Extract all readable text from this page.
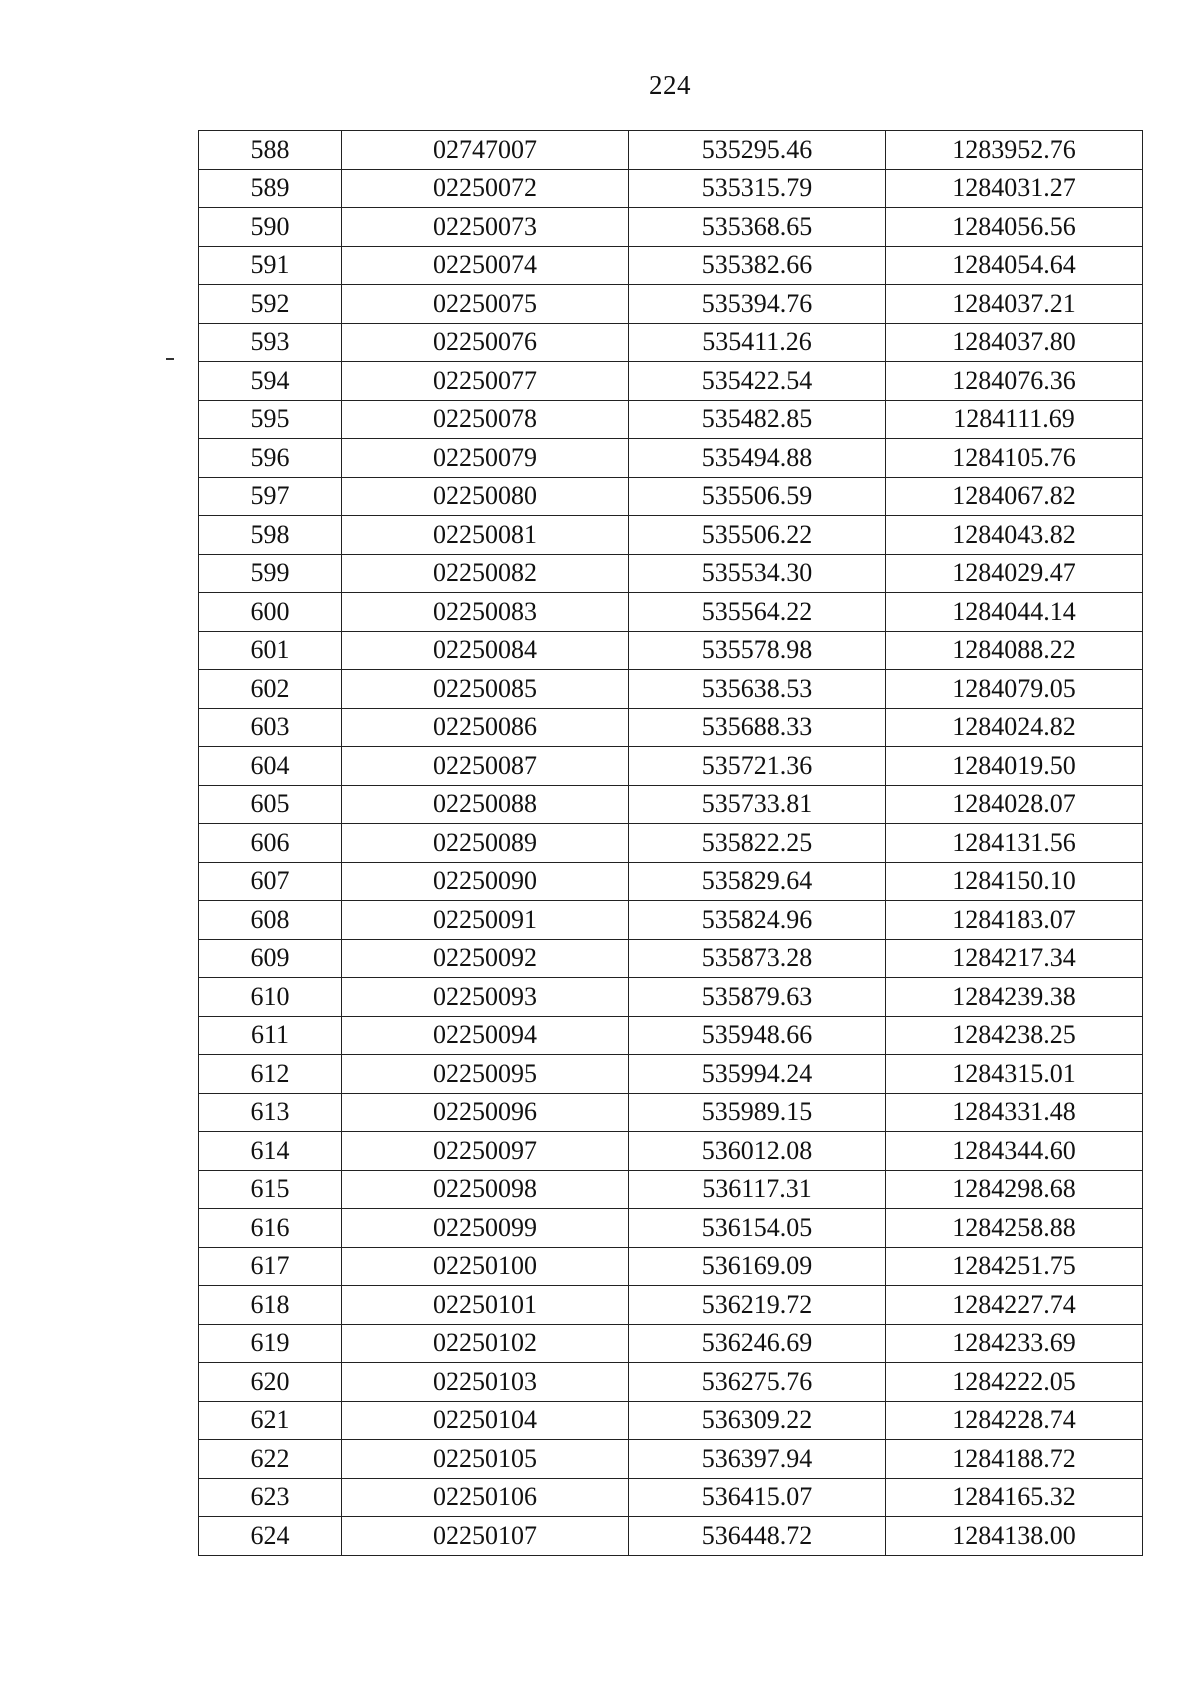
224
588	02747007	535295.46	1283952.76
589	02250072	535315.79	1284031.27
590	02250073	535368.65	1284056.56
591	02250074	535382.66	1284054.64
592	02250075	535394.76	1284037.21
593	02250076	535411.26	1284037.80
594	02250077	535422.54	1284076.36
595	02250078	535482.85	1284111.69
596	02250079	535494.88	1284105.76
597	02250080	535506.59	1284067.82
598	02250081	535506.22	1284043.82
599	02250082	535534.30	1284029.47
600	02250083	535564.22	1284044.14
601	02250084	535578.98	1284088.22
602	02250085	535638.53	1284079.05
603	02250086	535688.33	1284024.82
604	02250087	535721.36	1284019.50
605	02250088	535733.81	1284028.07
606	02250089	535822.25	1284131.56
607	02250090	535829.64	1284150.10
608	02250091	535824.96	1284183.07
609	02250092	535873.28	1284217.34
610	02250093	535879.63	1284239.38
611	02250094	535948.66	1284238.25
612	02250095	535994.24	1284315.01
613	02250096	535989.15	1284331.48
614	02250097	536012.08	1284344.60
615	02250098	536117.31	1284298.68
616	02250099	536154.05	1284258.88
617	02250100	536169.09	1284251.75
618	02250101	536219.72	1284227.74
619	02250102	536246.69	1284233.69
620	02250103	536275.76	1284222.05
621	02250104	536309.22	1284228.74
622	02250105	536397.94	1284188.72
623	02250106	536415.07	1284165.32
624	02250107	536448.72	1284138.00
